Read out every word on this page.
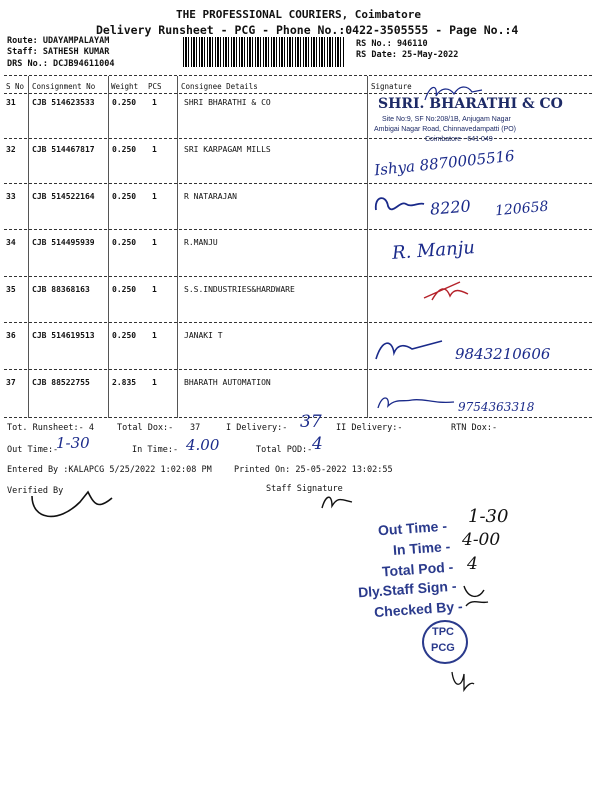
THE PROFESSIONAL COURIERS, Coimbatore
Delivery Runsheet - PCG - Phone No.:0422-3505555 - Page No.:4
Route: UDAYAMPALAYAM
Staff: SATHESH KUMAR
DRS No.: DCJB94611004
RS No.: 946110
RS Date: 25-May-2022
S No Consignment No Weight PCS	Consignee Details	Signature
31 CJB 514623533 0.250 1	SHRI BHARATHI & CO
32 CJB 514467817 0.250 1	SRI KARPAGAM MILLS
33 CJB 514522164 0.250 1	R NATARAJAN
34 CJB 514495939 0.250 1	R.MANJU
35 CJB 88368163	0.250 1	S.S.INDUSTRIES&HARDWARE
36 CJB 514619513 0.250 1	JANAKI T
37 CJB 88522755	2.835 1	BHARATH AUTOMATION
SHRI. BHARATHI & CO
Site No:9, SF No:208/1B, Anjugam Nagar
Ambigai Nagar Road, Chinnavedampatti (PO)
Coimbatore - 641 049
Ishya 8870005516
8220 120658
R. Manju
9843210606
9754363318
Tot. Runsheet:- 4	Total Dox:- 37	I Delivery:- 37 II Delivery:-	RTN Dox:-
Out Time:-
1-30	In Time:- 4.00	Total POD:- 4
Entered By :KALAPCG 5/25/2022 1:02:08 PM	Printed On: 25-05-2022 13:02:55
Verified By	Staff Signature
Out Time -
1-30
In Time - 4-00
Total Pod - 4
Dly.Staff Sign -
Checked By -
TPC
PCG
